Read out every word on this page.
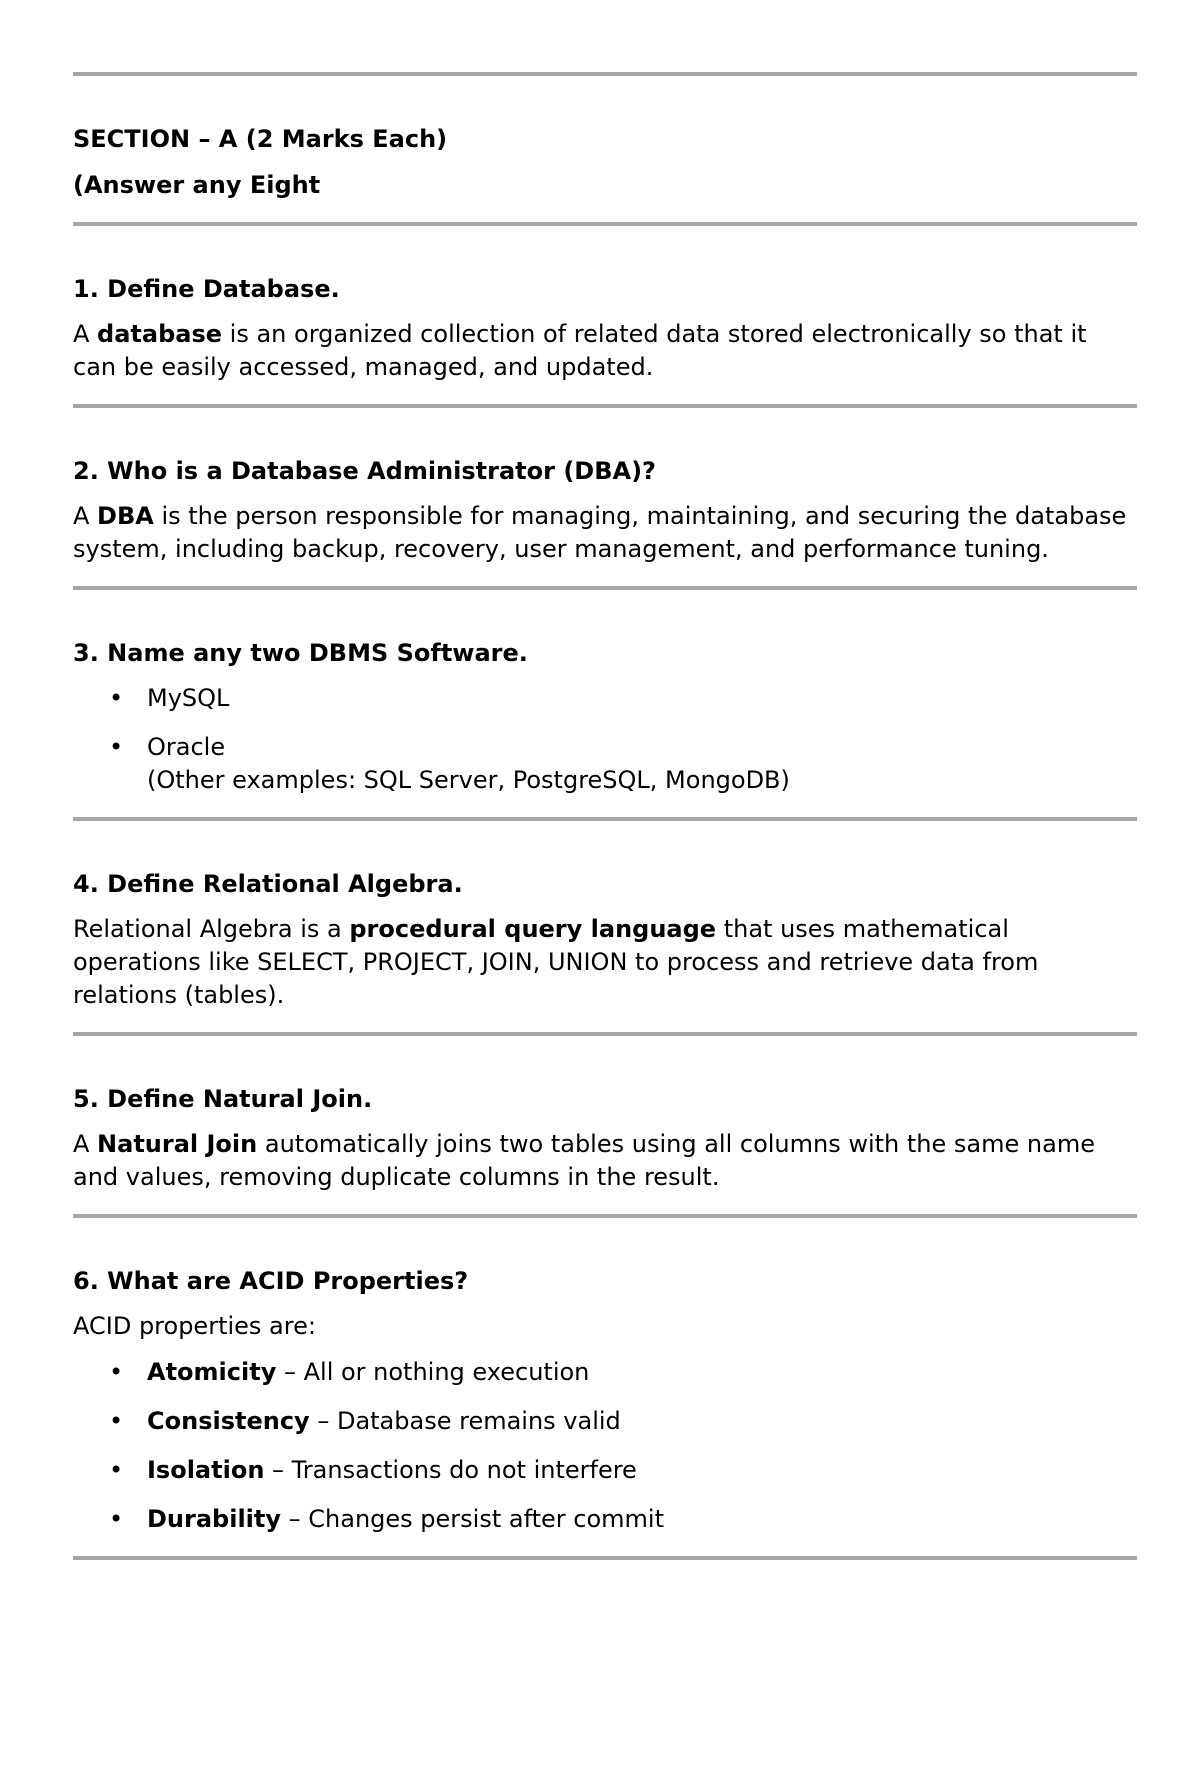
SECTION – A (2 Marks Each)
(Answer any Eight
1. Define Database.
A database is an organized collection of related data stored electronically so that it can be easily accessed, managed, and updated.
2. Who is a Database Administrator (DBA)?
A DBA is the person responsible for managing, maintaining, and securing the database system, including backup, recovery, user management, and performance tuning.
3. Name any two DBMS Software.
• MySQL
• Oracle
(Other examples: SQL Server, PostgreSQL, MongoDB)
4. Define Relational Algebra.
Relational Algebra is a procedural query language that uses mathematical operations like SELECT, PROJECT, JOIN, UNION to process and retrieve data from relations (tables).
5. Define Natural Join.
A Natural Join automatically joins two tables using all columns with the same name and values, removing duplicate columns in the result.
6. What are ACID Properties?
ACID properties are:
• Atomicity – All or nothing execution
• Consistency – Database remains valid
• Isolation – Transactions do not interfere
• Durability – Changes persist after commit
